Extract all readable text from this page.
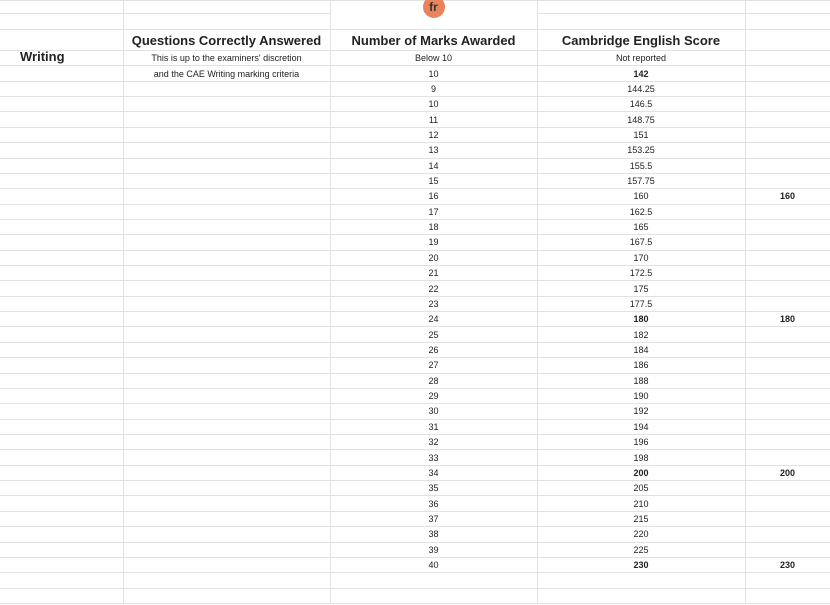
		fr		

	Questions Correctly Answered	Number of Marks Awarded	Cambridge English Score	
Writing	This is up to the examiners' discretion	Below 10	Not reported	
	and the CAE Writing marking criteria	10	142	
		9	144.25	
		10	146.5	
		11	148.75	
		12	151	
		13	153.25	
		14	155.5	
		15	157.75	
		16	160	160
		17	162.5	
		18	165	
		19	167.5	
		20	170	
		21	172.5	
		22	175	
		23	177.5	
		24	180	180
		25	182	
		26	184	
		27	186	
		28	188	
		29	190	
		30	192	
		31	194	
		32	196	
		33	198	
		34	200	200
		35	205	
		36	210	
		37	215	
		38	220	
		39	225	
		40	230	230
